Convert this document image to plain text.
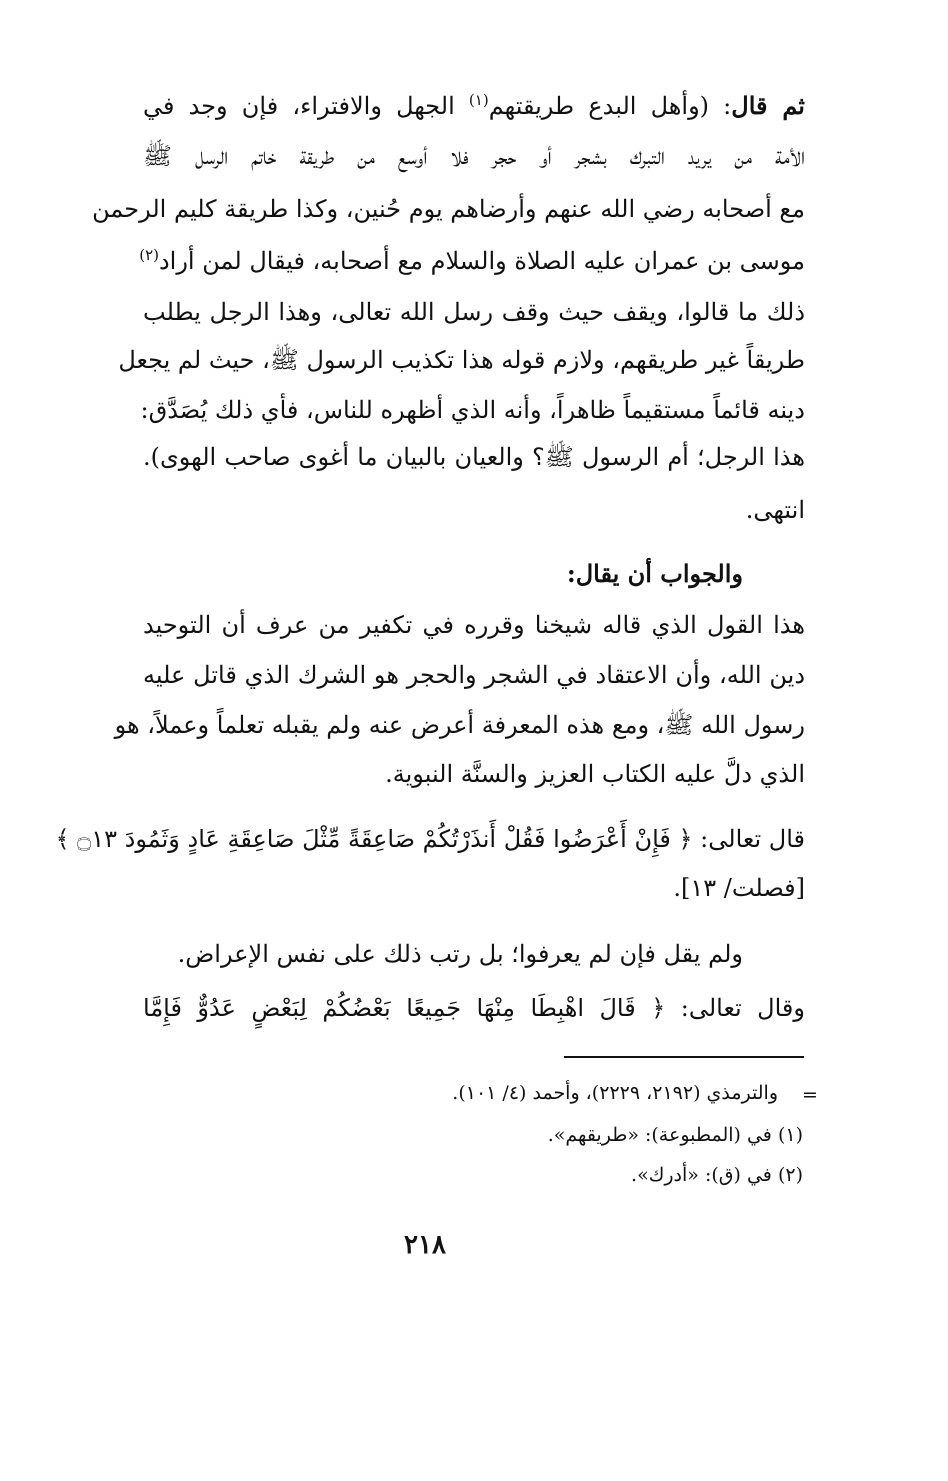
ثم قال: (وأهل البدع طريقتهم$^{(١)}$ الجهل والافتراء، فإن وجد في
الأمة من يريد التبرك بشجر أو حجر فلا أوسع من طريقة خاتم الرسل ﷺ
مع أصحابه رضي الله عنهم وأرضاهم يوم حُنين، وكذا طريقة كليم الرحمن
موسى بن عمران عليه الصلاة والسلام مع أصحابه، فيقال لمن أراد$^{(٢)}$
ذلك ما قالوا، ويقف حيث وقف رسل الله تعالى، وهذا الرجل يطلب
طريقاً غير طريقهم، ولازم قوله هذا تكذيب الرسول ﷺ، حيث لم يجعل
دينه قائماً مستقيماً ظاهراً، وأنه الذي أظهره للناس، فأي ذلك يُصَدَّق:
هذا الرجل؛ أم الرسول ﷺ؟ والعيان بالبيان ما أغوى صاحب الهوى).
انتهى.
والجواب أن يقال:
هذا القول الذي قاله شيخنا وقرره في تكفير من عرف أن التوحيد
دين الله، وأن الاعتقاد في الشجر والحجر هو الشرك الذي قاتل عليه
رسول الله ﷺ، ومع هذه المعرفة أعرض عنه ولم يقبله تعلماً وعملاً، هو
الذي دلَّ عليه الكتاب العزيز والسنَّة النبوية.
قال تعالى: ﴿ فَإِنْ أَعْرَضُوا فَقُلْ أَنذَرْتُكُمْ صَاعِقَةً مِّثْلَ صَاعِقَةِ عَادٍ وَثَمُودَ ۝١٣ ﴾
[فصلت/ ١٣].
ولم يقل فإن لم يعرفوا؛ بل رتب ذلك على نفس الإعراض.
وقال تعالى: ﴿ قَالَ اهْبِطَا مِنْهَا جَمِيعًا بَعْضُكُمْ لِبَعْضٍ عَدُوٌّ فَإِمَّا
=
والترمذي (٢١٩٢، ٢٢٢٩)، وأحمد (٤/ ١٠١).
(١) في (المطبوعة): «طريقهم».
(٢) في (ق): «أدرك».
٢١٨
